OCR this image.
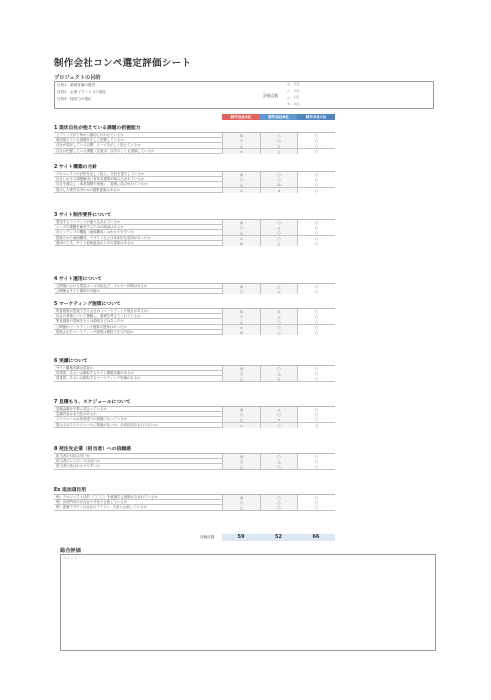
制作会社コンペ選定評価シート
プロジェクトの目的
目的1：新規客層の獲得
目的2：企業ブランド力の強化
目的3：採用力の強化
評価点数
◎：3点
○：2点
△：1点
×：0点
制作会社A社	制作会社B社	制作会社C社
1 現状自社が抱えている課題の把握能力
ヒアリングが丁寧かつ適切に行われているか	◎	○	○
現状抱えている課題を正しく把握しているか	○	○	○
自社が現状している目標、ニーズを正しく捉えているか	△	△	○
自社が把握している課題（自覚点）以外のことも指摘しているか	×	△	○
2 サイト構築の方針
プロジェクトの目的を正しく捉え、方針を提示しているか	◎	○	○
自社における課題解決に有効な施策が組み込まれているか	○	○	○
自社を競合し（事業規模や業態）、提案に結び付けているか	△	◎	○
提示した案件以外の×の施策提案はあるか	×	×	○
3 サイト制作要件について
要望するコンテンツが盛り込まれているか	◎	○	○
ニーズや課題を解決するための理由はあるか	○	△	○
各コンテンツの機能（画面構成）はわかりやすいか	△	○	○
提案された画面構成、デザインなどは具体的な説明があったか	×	○	○
運用の工夫、サイト更新追加の工夫の提案はあるか	◎	△	○
4 サイト運用について
公開後における電話メール対応など、フォロー体制はあるか	◎	△	○
公開後もサイト運用が可能か	○	△	○
5 マーケティング施策について
集客施策が提案できる会社か（マーケティング視点があるか）	◎	◎	○
自社の業務について理解し、業務を考えてくれているか	○	△	○
集客施策の提案をもとは説明などはあったか	△	○	○
公開後のマーケティング施策の提案はあったか	×	○	○
提案されたマーケティング施策は期待できる内容か	◎	△	○
6 実績について
サイト構築実績は豊富か	◎	○	○
同業界、あるいは類似するサイト構築実績があるか	○	△	○
同業界、あるいは類似するマーケティング実績があるか	△	△	○
7 見積もり、スケジュールについて
見積金額は予算に見合っているか	◎	△	○
見積内容は妥当性があるか	○	○	○
スケジュールは希望通りの納期になっているか	△	×	○
提示されたスケジュールに無理がないか、余裕状況なものでないか	×	○	○
8 発注先企業（担当者）への信頼感
担当者の対応は早いか	◎	○	○
担当者のレスポンスは良いか	○	△	○
担当者の話はわかりやすいか	△	○	○
Ex 追加項目用
例）プロジェクト目的「〇〇〇」を意識する施策が含まれているか	◎	○	○
例）各部門向けが自社の方向と合致しているか	○	○	○
例）提案デザインは自社のテイスト、方針と合致しているか	△	○	○
評価点数	59	52	66
総合評価
コメント
